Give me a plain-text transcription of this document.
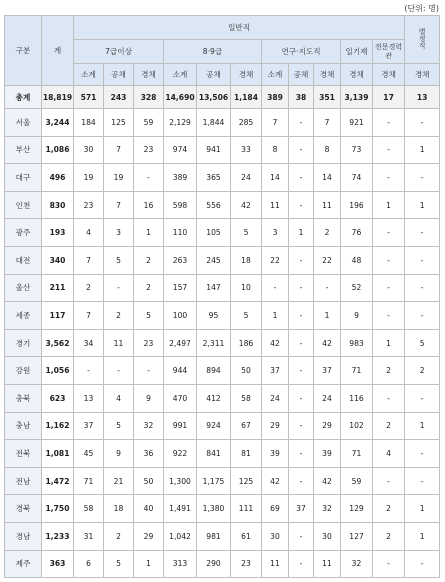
(단위: 명)
구분	계	일반직											별정직
		7급이상			8·9급			연구·지도직			일기제	전문경력관	
		소계	공채	경채	소계	공채	경채	소계	공채	경채	경채	경채	경채
총계	18,819	571	243	328	14,690	13,506	1,184	389	38	351	3,139	17	13
서울	3,244	184	125	59	2,129	1,844	285	7	-	7	921	-	-
부산	1,086	30	7	23	974	941	33	8	-	8	73	-	1
대구	496	19	19	-	389	365	24	14	-	14	74	-	-
인천	830	23	7	16	598	556	42	11	-	11	196	1	1
광주	193	4	3	1	110	105	5	3	1	2	76	-	-
대전	340	7	5	2	263	245	18	22	-	22	48	-	-
울산	211	2	-	2	157	147	10	-	-	-	52	-	-
세종	117	7	2	5	100	95	5	1	-	1	9	-	-
경기	3,562	34	11	23	2,497	2,311	186	42	-	42	983	1	5
강원	1,056	-	-	-	944	894	50	37	-	37	71	2	2
충북	623	13	4	9	470	412	58	24	-	24	116	-	-
충남	1,162	37	5	32	991	924	67	29	-	29	102	2	1
전북	1,081	45	9	36	922	841	81	39	-	39	71	4	-
전남	1,472	71	21	50	1,300	1,175	125	42	-	42	59	-	-
경북	1,750	58	18	40	1,491	1,380	111	69	37	32	129	2	1
경남	1,233	31	2	29	1,042	981	61	30	-	30	127	2	1
제주	363	6	5	1	313	290	23	11	-	11	32	-	-
